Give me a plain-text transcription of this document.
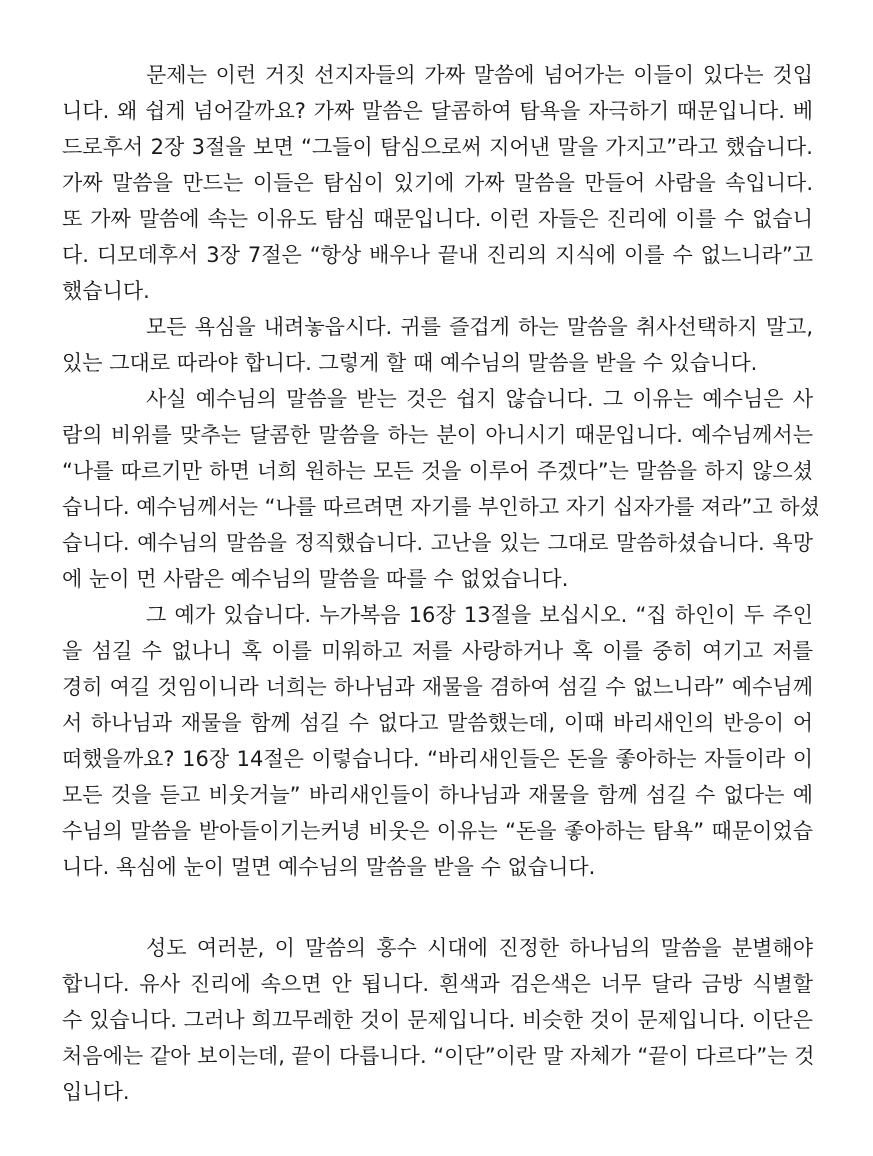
문제는 이런 거짓 선지자들의 가짜 말씀에 넘어가는 이들이 있다는 것입

니다. 왜 쉽게 넘어갈까요? 가짜 말씀은 달콤하여 탐욕을 자극하기 때문입니다. 베

드로후서 2장 3절을 보면 “그들이 탐심으로써 지어낸 말을 가지고”라고 했습니다.

가짜 말씀을 만드는 이들은 탐심이 있기에 가짜 말씀을 만들어 사람을 속입니다.

또 가짜 말씀에 속는 이유도 탐심 때문입니다. 이런 자들은 진리에 이를 수 없습니

다. 디모데후서 3장 7절은 “항상 배우나 끝내 진리의 지식에 이를 수 없느니라”고

했습니다.

모든 욕심을 내려놓읍시다. 귀를 즐겁게 하는 말씀을 취사선택하지 말고,

있는 그대로 따라야 합니다. 그렇게 할 때 예수님의 말씀을 받을 수 있습니다.

사실 예수님의 말씀을 받는 것은 쉽지 않습니다. 그 이유는 예수님은 사

람의 비위를 맞추는 달콤한 말씀을 하는 분이 아니시기 때문입니다. 예수님께서는

“나를 따르기만 하면 너희 원하는 모든 것을 이루어 주겠다”는 말씀을 하지 않으셨

습니다. 예수님께서는 “나를 따르려면 자기를 부인하고 자기 십자가를 져라”고 하셨

습니다. 예수님의 말씀을 정직했습니다. 고난을 있는 그대로 말씀하셨습니다. 욕망

에 눈이 먼 사람은 예수님의 말씀을 따를 수 없었습니다.

그 예가 있습니다. 누가복음 16장 13절을 보십시오. “집 하인이 두 주인

을 섬길 수 없나니 혹 이를 미워하고 저를 사랑하거나 혹 이를 중히 여기고 저를

경히 여길 것임이니라 너희는 하나님과 재물을 겸하여 섬길 수 없느니라” 예수님께

서 하나님과 재물을 함께 섬길 수 없다고 말씀했는데, 이때 바리새인의 반응이 어

떠했을까요? 16장 14절은 이렇습니다. “바리새인들은 돈을 좋아하는 자들이라 이

모든 것을 듣고 비웃거늘” 바리새인들이 하나님과 재물을 함께 섬길 수 없다는 예

수님의 말씀을 받아들이기는커녕 비웃은 이유는 “돈을 좋아하는 탐욕” 때문이었습

니다. 욕심에 눈이 멀면 예수님의 말씀을 받을 수 없습니다.

성도 여러분, 이 말씀의 홍수 시대에 진정한 하나님의 말씀을 분별해야

합니다. 유사 진리에 속으면 안 됩니다. 흰색과 검은색은 너무 달라 금방 식별할

수 있습니다. 그러나 희끄무레한 것이 문제입니다. 비슷한 것이 문제입니다. 이단은

처음에는 같아 보이는데, 끝이 다릅니다. “이단”이란 말 자체가 “끝이 다르다”는 것

입니다.
